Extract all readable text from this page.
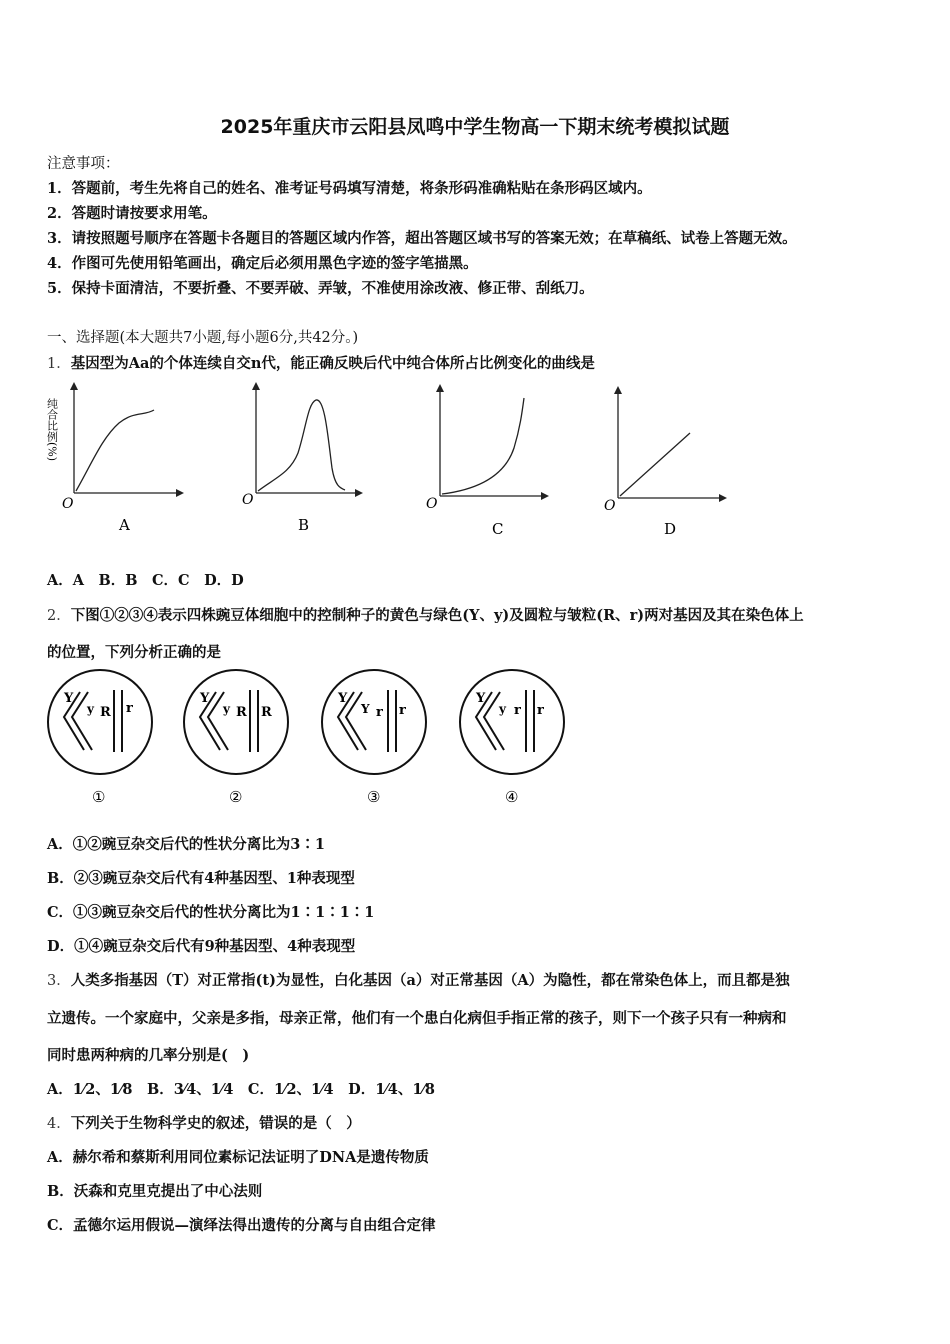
2025年重庆市云阳县凤鸣中学生物高一下期末统考模拟试题
注意事项：
1．答题前，考生先将自己的姓名、准考证号码填写清楚，将条形码准确粘贴在条形码区域内。
2．答题时请按要求用笔。
3．请按照题号顺序在答题卡各题目的答题区域内作答，超出答题区域书写的答案无效；在草稿纸、试卷上答题无效。
4．作图可先使用铅笔画出，确定后必须用黑色字迹的签字笔描黑。
5．保持卡面清洁，不要折叠、不要弄破、弄皱，不准使用涂改液、修正带、刮纸刀。
一、选择题(本大题共7小题,每小题6分,共42分。)
1．基因型为Aa的个体连续自交n代，能正确反映后代中纯合体所占比例变化的曲线是
纯合比例(%)
O
A
O
B
O
C
O
D
A．A　B．B　C．C　D．D
2．下图①②③④表示四株豌豆体细胞中的控制种子的黄色与绿色(Y、y)及圆粒与皱粒(R、r)两对基因及其在染色体上
的位置，下列分析正确的是
Y
y R r
①
Y
y R R
②
Y
Y r r
③
Y
y r r
④
A．①②豌豆杂交后代的性状分离比为3∶1
B．②③豌豆杂交后代有4种基因型、1种表现型
C．①③豌豆杂交后代的性状分离比为1∶1∶1∶1
D．①④豌豆杂交后代有9种基因型、4种表现型
3．人类多指基因（T）对正常指(t)为显性，白化基因（a）对正常基因（A）为隐性，都在常染色体上，而且都是独
立遗传。一个家庭中，父亲是多指，母亲正常，他们有一个患白化病但手指正常的孩子，则下一个孩子只有一种病和
同时患两种病的几率分别是(　)
A．1⁄2、1⁄8　B．3⁄4、1⁄4　C．1⁄2、1⁄4　D．1⁄4、1⁄8
4．下列关于生物科学史的叙述，错误的是（　）
A．赫尔希和蔡斯利用同位素标记法证明了DNA是遗传物质
B．沃森和克里克提出了中心法则
C．孟德尔运用假说—演绎法得出遗传的分离与自由组合定律
